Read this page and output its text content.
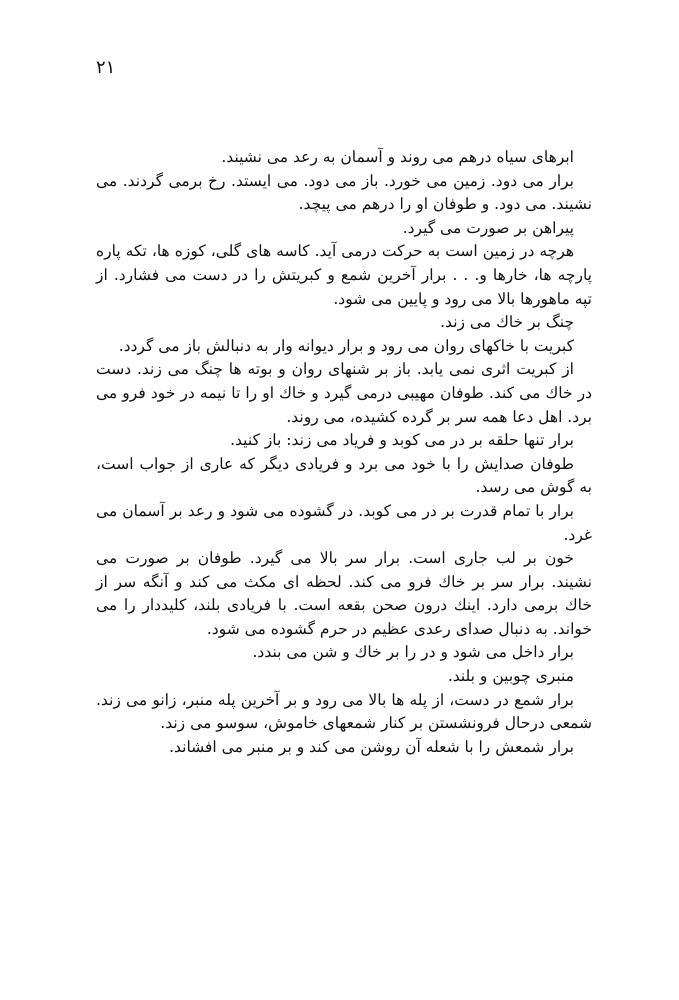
۲۱

ابرهای سیاه درهم می روند و آسمان به رعد می نشیند.

برار می دود. زمین می خورد. باز می دود. می ایستد. رخ برمی گردند. می نشیند. می دود. و طوفان او را درهم می پیچد.

پیراهن بر صورت می گیرد.

هرچه در زمین است به حرکت درمی آید. کاسه های گلی، کوزه ها، تکه پاره پارچه ها، خارها و. . . برار آخرین شمع و کبریتش را در دست می فشارد. از تپه ماهورها بالا می رود و پایین می شود.

چنگ بر خاك می زند.

کبریت با خاکهای روان می رود و برار دیوانه وار به دنبالش باز می گردد.

از کبریت اثری نمی یابد. باز بر شنهای روان و بوته ها چنگ می زند. دست در خاك می کند. طوفان مهیبی درمی گیرد و خاك او را تا نیمه در خود فرو می برد. اهل دعا همه سر بر گرده کشیده، می روند.

برار تنها حلقه بر در می کوبد و فریاد می زند: باز کنید.

طوفان صدایش را با خود می برد و فریادی دیگر که عاری از جواب است، به گوش می رسد.

برار با تمام قدرت بر در می کوبد. در گشوده می شود و رعد بر آسمان می غرد.

خون بر لب جاری است. برار سر بالا می گیرد. طوفان بر صورت می نشیند. برار سر بر خاك فرو می کند. لحظه ای مکث می کند و آنگه سر از خاك برمی دارد. اینك درون صحن بقعه است. با فریادی بلند، کلیددار را می خواند. به دنبال صدای رعدی عظیم در حرم گشوده می شود.

برار داخل می شود و در را بر خاك و شن می بندد.

منبری چوبین و بلند.

برار شمع در دست، از پله ها بالا می رود و بر آخرین پله منبر، زانو می زند. شمعی درحال فرونشستن بر کنار شمعهای خاموش، سوسو می زند.

برار شمعش را با شعله آن روشن می کند و بر منبر می افشاند.
